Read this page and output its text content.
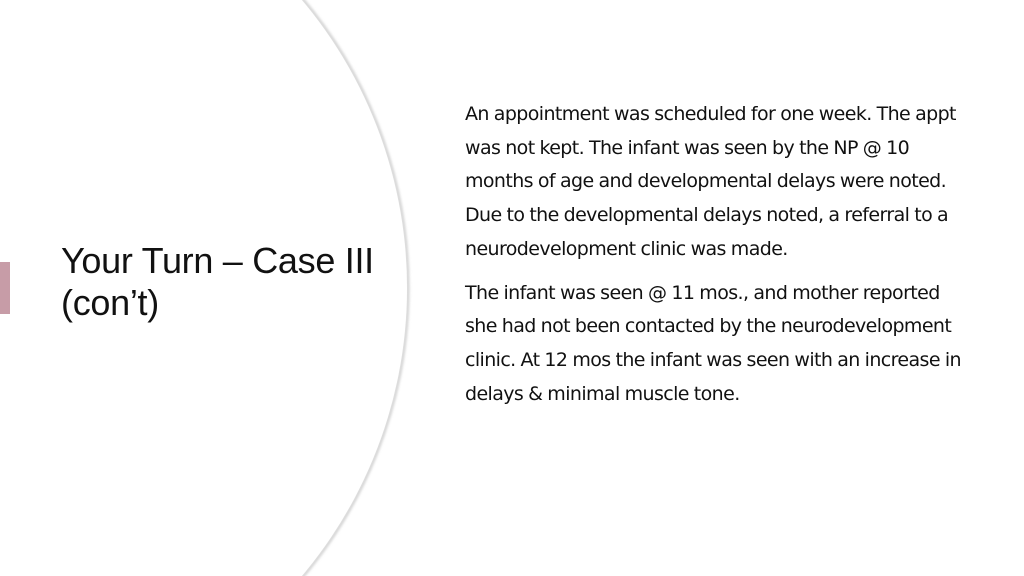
Your Turn – Case III (con’t)

An appointment was scheduled for one week. The appt was not kept. The infant was seen by the NP @ 10 months of age and developmental delays were noted. Due to the developmental delays noted, a referral to a neurodevelopment clinic was made.

The infant was seen @ 11 mos., and mother reported she had not been contacted by the neurodevelopment clinic. At 12 mos the infant was seen with an increase in delays & minimal muscle tone.
